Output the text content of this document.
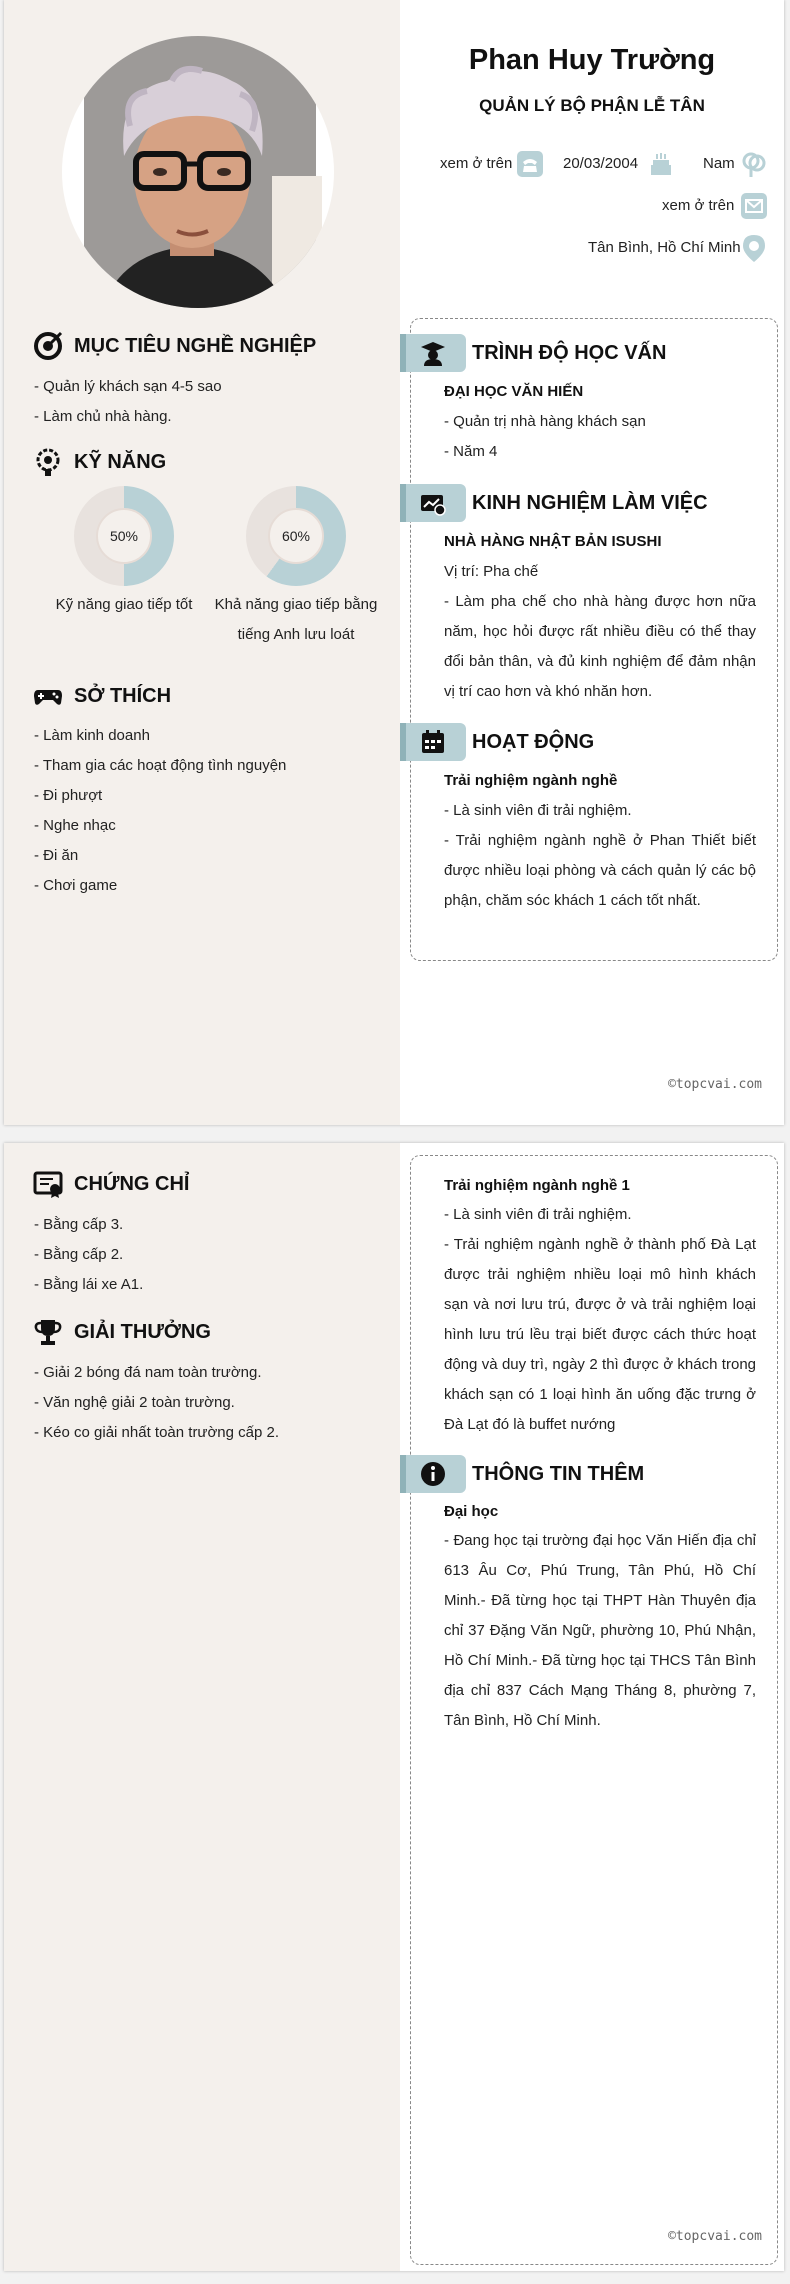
Phan Huy Trường
QUẢN LÝ BỘ PHẬN LỄ TÂN
xem ở trên	20/03/2004	Nam
xem ở trên
Tân Bình, Hồ Chí Minh
MỤC TIÊU NGHỀ NGHIỆP
- Quản lý khách sạn 4-5 sao
- Làm chủ nhà hàng.
KỸ NĂNG
50%
Kỹ năng giao tiếp tốt
60%
Khả năng giao tiếp bằng
tiếng Anh lưu loát
SỞ THÍCH
- Làm kinh doanh
- Tham gia các hoạt động tình nguyện
- Đi phượt
- Nghe nhạc
- Đi ăn
- Chơi game
TRÌNH ĐỘ HỌC VẤN
ĐẠI HỌC VĂN HIẾN
- Quản trị nhà hàng khách sạn
- Năm 4
KINH NGHIỆM LÀM VIỆC
NHÀ HÀNG NHẬT BẢN ISUSHI
Vị trí: Pha chế
- Làm pha chế cho nhà hàng được hơn nữa năm, học hỏi được rất nhiều điều có thể thay đổi bản thân, và đủ kinh nghiệm để đảm nhận vị trí cao hơn và khó nhăn hơn.
HOẠT ĐỘNG
Trải nghiệm ngành nghề
- Là sinh viên đi trải nghiệm.
- Trải nghiệm ngành nghề ở Phan Thiết biết được nhiều loại phòng và cách quản lý các bộ phận, chăm sóc khách 1 cách tốt nhất.
©topcvai.com
CHỨNG CHỈ
- Bằng cấp 3.
- Bằng cấp 2.
- Bằng lái xe A1.
GIẢI THƯỞNG
- Giải 2 bóng đá nam toàn trường.
- Văn nghệ giải 2 toàn trường.
- Kéo co giải nhất toàn trường cấp 2.
Trải nghiệm ngành nghề 1
- Là sinh viên đi trải nghiệm.
- Trải nghiệm ngành nghề ở thành phố Đà Lạt được trải nghiệm nhiều loại mô hình khách sạn và nơi lưu trú, được ở và trải nghiệm loại hình lưu trú lều trại biết được cách thức hoạt động và duy trì, ngày 2 thì được ở khách trong khách sạn có 1 loại hình ăn uống đặc trưng ở Đà Lạt đó là buffet nướng
THÔNG TIN THÊM
Đại học
- Đang học tại trường đại học Văn Hiến địa chỉ 613 Âu Cơ, Phú Trung, Tân Phú, Hồ Chí Minh.- Đã từng học tại THPT Hàn Thuyên địa chỉ 37 Đặng Văn Ngữ, phường 10, Phú Nhận, Hồ Chí Minh.- Đã từng học tại THCS Tân Bình địa chỉ 837 Cách Mạng Tháng 8, phường 7, Tân Bình, Hồ Chí Minh.
©topcvai.com
